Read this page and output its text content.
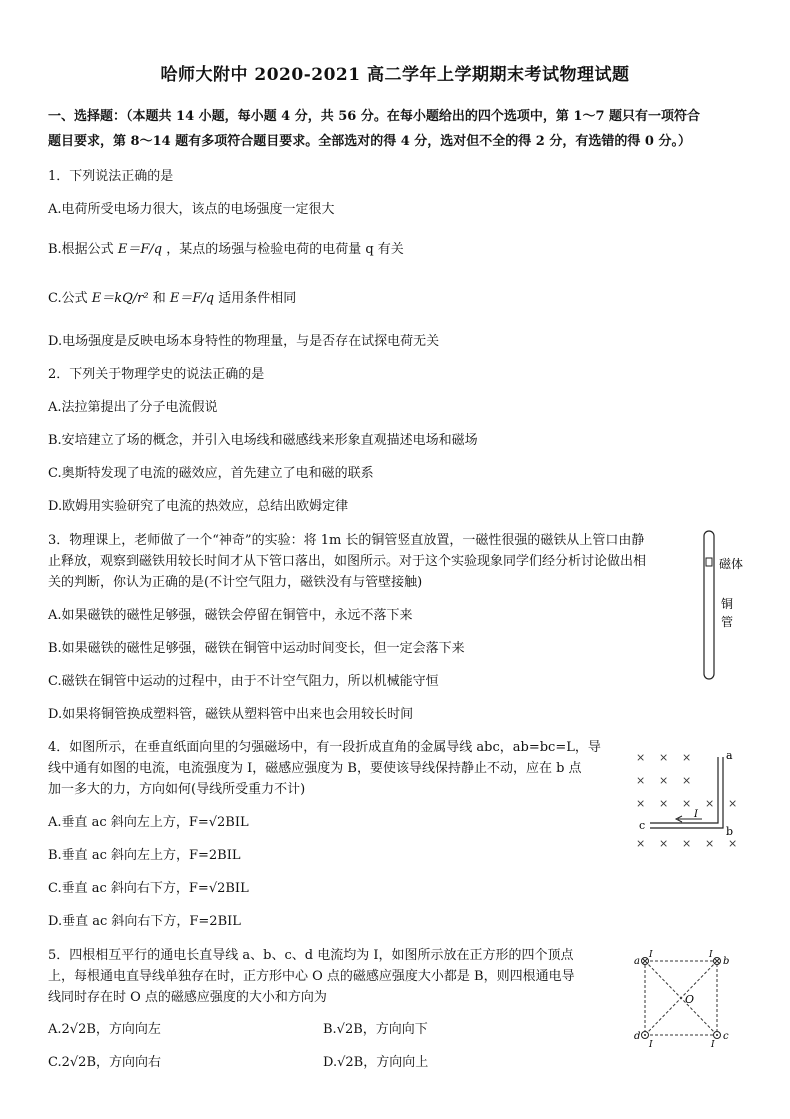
哈师大附中 2020-2021 高二学年上学期期末考试物理试题
一、选择题：（本题共 14 小题，每小题 4 分，共 56 分。在每小题给出的四个选项中，第 1～7 题只有一项符合
题目要求，第 8～14 题有多项符合题目要求。全部选对的得 4 分，选对但不全的得 2 分，有选错的得 0 分。）
1．下列说法正确的是
A.电荷所受电场力很大，该点的电场强度一定很大
B.根据公式 E＝F/q ，某点的场强与检验电荷的电荷量 q 有关
C.公式 E＝kQ/r² 和 E＝F/q 适用条件相同
D.电场强度是反映电场本身特性的物理量，与是否存在试探电荷无关
2．下列关于物理学史的说法正确的是
A.法拉第提出了分子电流假说
B.安培建立了场的概念，并引入电场线和磁感线来形象直观描述电场和磁场
C.奥斯特发现了电流的磁效应，首先建立了电和磁的联系
D.欧姆用实验研究了电流的热效应，总结出欧姆定律
3．物理课上，老师做了一个“神奇”的实验：将 1m 长的铜管竖直放置，一磁性很强的磁铁从上管口由静
止释放，观察到磁铁用较长时间才从下管口落出，如图所示。对于这个实验现象同学们经分析讨论做出相
关的判断，你认为正确的是(不计空气阻力，磁铁没有与管壁接触)
A.如果磁铁的磁性足够强，磁铁会停留在铜管中，永远不落下来
B.如果磁铁的磁性足够强，磁铁在铜管中运动时间变长，但一定会落下来
C.磁铁在铜管中运动的过程中，由于不计空气阻力，所以机械能守恒
D.如果将铜管换成塑料管，磁铁从塑料管中出来也会用较长时间
磁体
铜
管
4．如图所示，在垂直纸面向里的匀强磁场中，有一段折成直角的金属导线 abc，ab=bc=L，导
线中通有如图的电流，电流强度为 I，磁感应强度为 B，要使该导线保持静止不动，应在 b 点
加一多大的力，方向如何(导线所受重力不计)
A.垂直 ac 斜向左上方，F=√2BIL
B.垂直 ac 斜向左上方，F=2BIL
C.垂直 ac 斜向右下方，F=√2BIL
D.垂直 ac 斜向右下方，F=2BIL
×
×
×
×
×
×
×
×
×
×
×
×
×
×
×
×
a
b
c
I
5．四根相互平行的通电长直导线 a、b、c、d 电流均为 I，如图所示放在正方形的四个顶点
上，每根通电直导线单独存在时，正方形中心 O 点的磁感应强度大小都是 B，则四根通电导
线同时存在时 O 点的磁感应强度的大小和方向为
A.2√2B，方向向左	B.√2B，方向向下
C.2√2B，方向向右	D.√2B，方向向上
O
a	b
c
d
I	I
I
I
